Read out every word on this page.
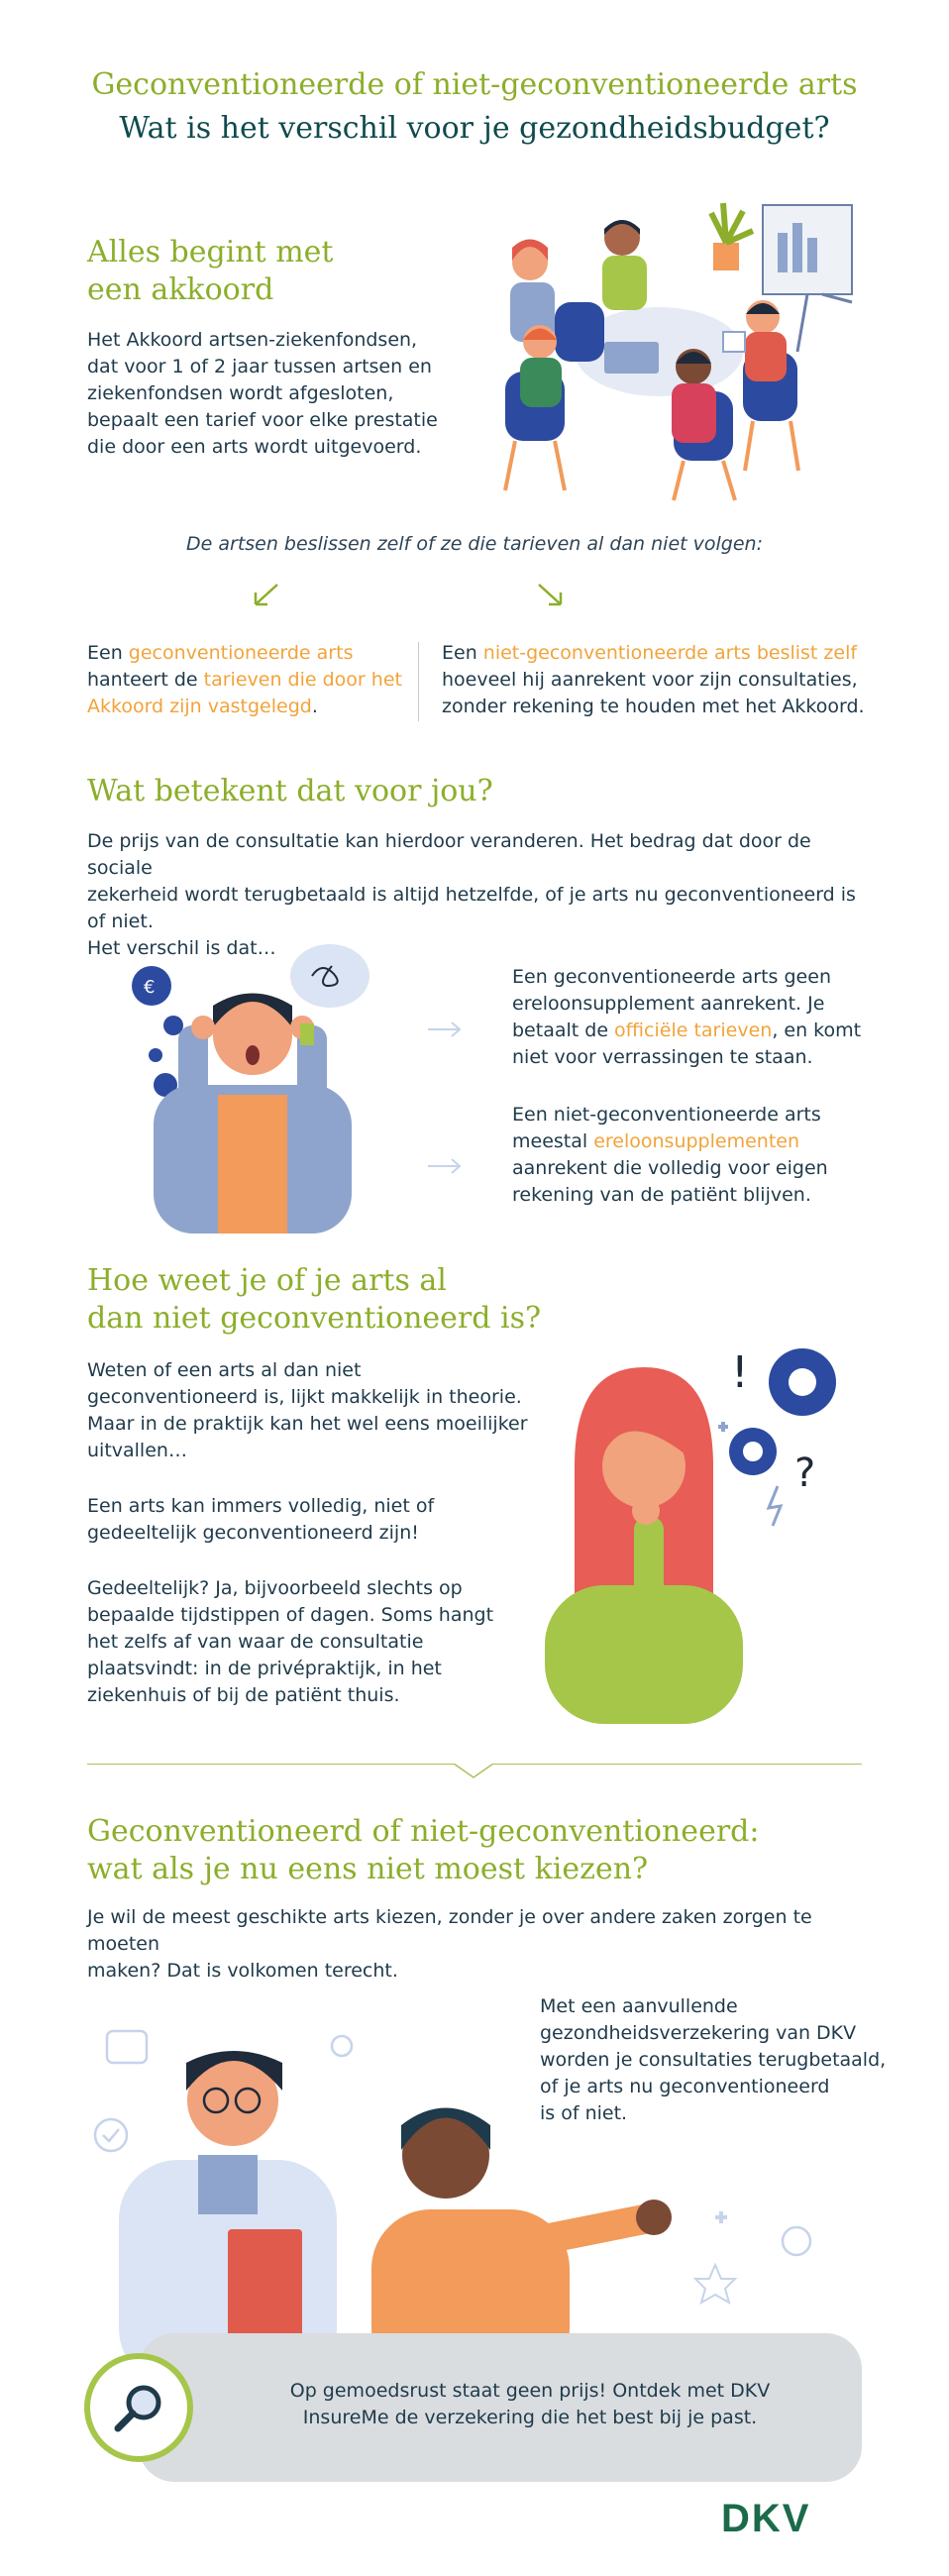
Geconventioneerde of niet-geconventioneerde arts
Wat is het verschil voor je gezondheidsbudget?
Alles begint met
een akkoord
Het Akkoord artsen-ziekenfondsen,
dat voor 1 of 2 jaar tussen artsen en
ziekenfondsen wordt afgesloten,
bepaalt een tarief voor elke prestatie
die door een arts wordt uitgevoerd.
De artsen beslissen zelf of ze die tarieven al dan niet volgen:
Een geconventioneerde arts
hanteert de tarieven die door het
Akkoord zijn vastgelegd.
Een niet-geconventioneerde arts beslist zelf
hoeveel hij aanrekent voor zijn consultaties,
zonder rekening te houden met het Akkoord.
Wat betekent dat voor jou?
De prijs van de consultatie kan hierdoor veranderen. Het bedrag dat door de sociale
zekerheid wordt terugbetaald is altijd hetzelfde, of je arts nu geconventioneerd is of niet.
Het verschil is dat…
€	Een geconventioneerde arts geen
ereloonsupplement aanrekent. Je
betaalt de officiële tarieven, en komt
niet voor verrassingen te staan.
Een niet-geconventioneerde arts
meestal ereloonsupplementen
aanrekent die volledig voor eigen
rekening van de patiënt blijven.
Hoe weet je of je arts al
dan niet geconventioneerd is?
Weten of een arts al dan niet
geconventioneerd is, lijkt makkelijk in theorie.
Maar in de praktijk kan het wel eens moeilijker
uitvallen…
Een arts kan immers volledig, niet of
gedeeltelijk geconventioneerd zijn!
Gedeeltelijk? Ja, bijvoorbeeld slechts op
bepaalde tijdstippen of dagen. Soms hangt
het zelfs af van waar de consultatie
plaatsvindt: in de privépraktijk, in het
ziekenhuis of bij de patiënt thuis.
!
?
Geconventioneerd of niet-geconventioneerd:
wat als je nu eens niet moest kiezen?
Je wil de meest geschikte arts kiezen, zonder je over andere zaken zorgen te moeten
maken? Dat is volkomen terecht.
Met een aanvullende
gezondheidsverzekering van DKV
worden je consultaties terugbetaald,
of je arts nu geconventioneerd
is of niet.
Op gemoedsrust staat geen prijs! Ontdek met DKV
InsureMe de verzekering die het best bij je past.
DKV
